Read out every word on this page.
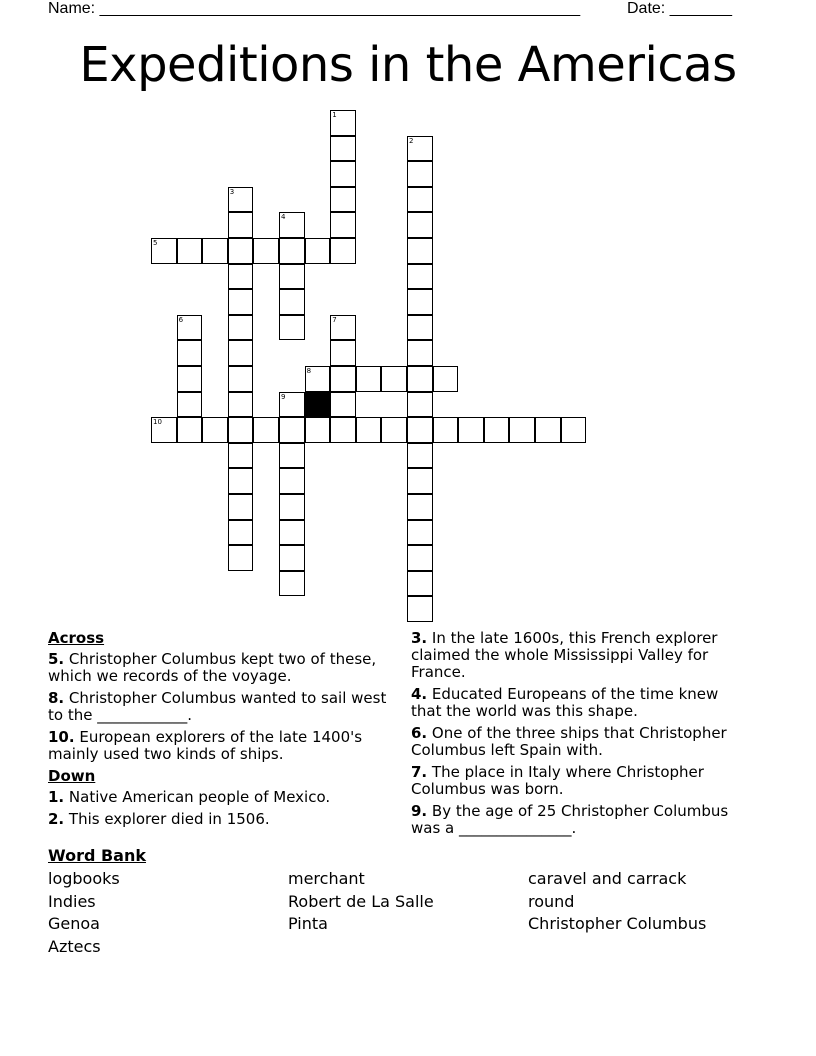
Name: ______________________________________________________	Date: _______
Expeditions in the Americas
1
2
3
4
5
6	7
8
9
10
Across
5. Christopher Columbus kept two of these, which we records of the voyage.
8. Christopher Columbus wanted to sail west to the ____________.
10. European explorers of the late 1400's mainly used two kinds of ships.
Down
1. Native American people of Mexico.
2. This explorer died in 1506.
3. In the late 1600s, this French explorer claimed the whole Mississippi Valley for France.
4. Educated Europeans of the time knew that the world was this shape.
6. One of the three ships that Christopher Columbus left Spain with.
7. The place in Italy where Christopher Columbus was born.
9. By the age of 25 Christopher Columbus was a _______________.
Word Bank
logbooks
Indies
Genoa
Aztecs
merchant
Robert de La Salle
Pinta
caravel and carrack
round
Christopher Columbus
